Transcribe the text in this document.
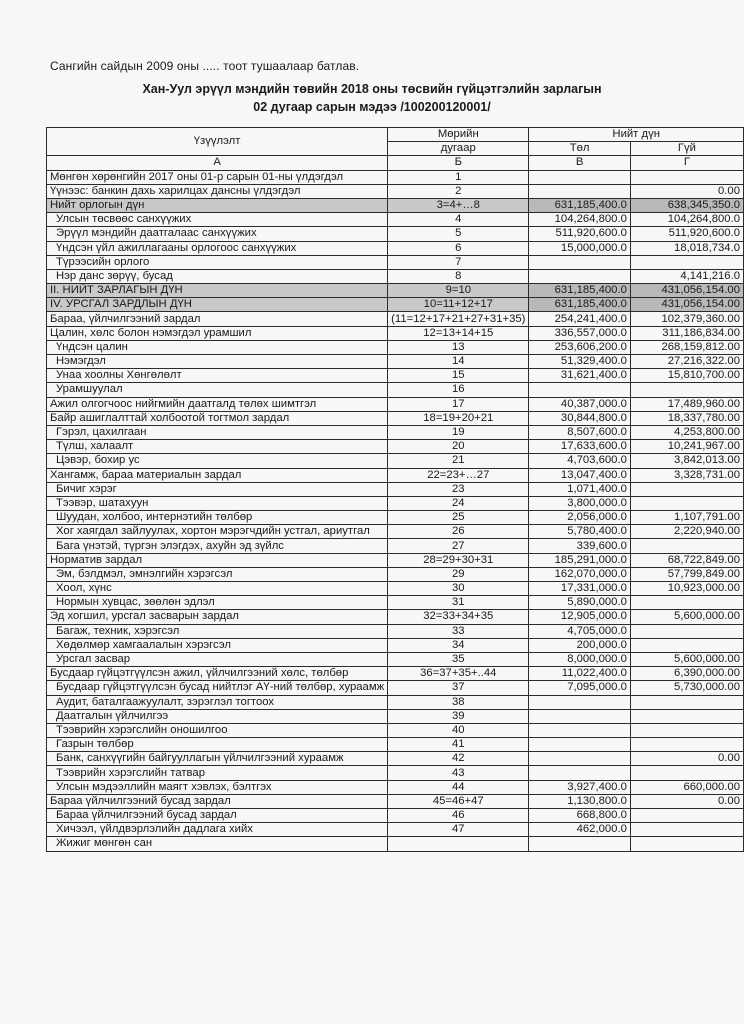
Сангийн сайдын 2009 оны ..... тоот тушаалаар батлав.
Хан-Уул эрүүл мэндийн төвийн 2018 оны төсвийн гүйцэтгэлийн зарлагын
02 дугаар сарын мэдээ /100200120001/
Үзүүлэлт	Мөрийн	Нийт дүн	
	дугаар	Төл	Гүй
А	Б	В	Г
Мөнгөн хөрөнгийн 2017 оны 01-р сарын 01-ны үлдэгдэл	1		
Үүнээс: банкин дахь харилцах дансны үлдэгдэл	2		0.00
Нийт орлогын дүн	3=4+…8	631,185,400.0	638,345,350.0
Улсын төсвөөс санхүүжих	4	104,264,800.0	104,264,800.0
Эрүүл мэндийн даатгалаас санхүүжих	5	511,920,600.0	511,920,600.0
Үндсэн үйл ажиллагааны орлогоос санхүүжих	6	15,000,000.0	18,018,734.0
Түрээсийн орлого	7		
Нэр данс зөрүү, бусад	8		4,141,216.0
II. НИЙТ ЗАРЛАГЫН ДҮН	9=10	631,185,400.0	431,056,154.00
IV. УРСГАЛ ЗАРДЛЫН ДҮН	10=11+12+17	631,185,400.0	431,056,154.00
Бараа, үйлчилгээний зардал	(11=12+17+21+27+31+35)	254,241,400.0	102,379,360.00
Цалин, хөлс болон нэмэгдэл урамшил	12=13+14+15	336,557,000.0	311,186,834.00
Үндсэн цалин	13	253,606,200.0	268,159,812.00
Нэмэгдэл	14	51,329,400.0	27,216,322.00
Унаа хоолны Хөнгөлөлт	15	31,621,400.0	15,810,700.00
Урамшуулал	16		
Ажил олгогчоос нийгмийн даатгалд төлөх шимтгэл	17	40,387,000.0	17,489,960.00
Байр ашиглалттай холбоотой тогтмол зардал	18=19+20+21	30,844,800.0	18,337,780.00
Гэрэл, цахилгаан	19	8,507,600.0	4,253,800.00
Түлш, халаалт	20	17,633,600.0	10,241,967.00
Цэвэр, бохир ус	21	4,703,600.0	3,842,013.00
Хангамж, бараа материалын зардал	22=23+…27	13,047,400.0	3,328,731.00
Бичиг хэрэг	23	1,071,400.0	
Тээвэр, шатахуун	24	3,800,000.0	
Шуудан, холбоо, интернэтийн төлбөр	25	2,056,000.0	1,107,791.00
Хог хаягдал зайлуулах, хортон мэрэгчдийн устгал, ариутгал	26	5,780,400.0	2,220,940.00
Бага үнэтэй, түргэн элэгдэх, ахуйн эд зүйлс	27	339,600.0	
Норматив зардал	28=29+30+31	185,291,000.0	68,722,849.00
Эм, бэлдмэл, эмнэлгийн хэрэгсэл	29	162,070,000.0	57,799,849.00
Хоол, хүнс	30	17,331,000.0	10,923,000.00
Нормын хувцас, зөөлөн эдлэл	31	5,890,000.0	
Эд хогшил, урсгал засварын зардал	32=33+34+35	12,905,000.0	5,600,000.00
Багаж, техник, хэрэгсэл	33	4,705,000.0	
Хөдөлмөр хамгаалалын хэрэгсэл	34	200,000.0	
Урсгал засвар	35	8,000,000.0	5,600,000.00
Бусдаар гүйцэтгүүлсэн ажил, үйлчилгээний хөлс, төлбөр	36=37+35+..44	11,022,400.0	6,390,000.00
Бусдаар гүйцэтгүүлсэн бусад нийтлэг АҮ-ний төлбөр, хураамж	37	7,095,000.0	5,730,000.00
Аудит, баталгаажуулалт, зэрэглэл тогтоох	38		
Даатгалын үйлчилгээ	39		
Тээврийн хэрэгслийн оношилгоо	40		
Газрын төлбөр	41		
Банк, санхүүгийн байгууллагын үйлчилгээний хураамж	42		0.00
Тээврийн хэрэгслийн татвар	43		
Улсын мэдээллийн маягт хэвлэх, бэлтгэх	44	3,927,400.0	660,000.00
Бараа үйлчилгээний бусад зардал	45=46+47	1,130,800.0	0.00
Бараа үйлчилгээний бусад зардал	46	668,800.0	
Хичээл, үйлдвэрлэлийн дадлага хийх	47	462,000.0	
Жижиг мөнгөн сан			
